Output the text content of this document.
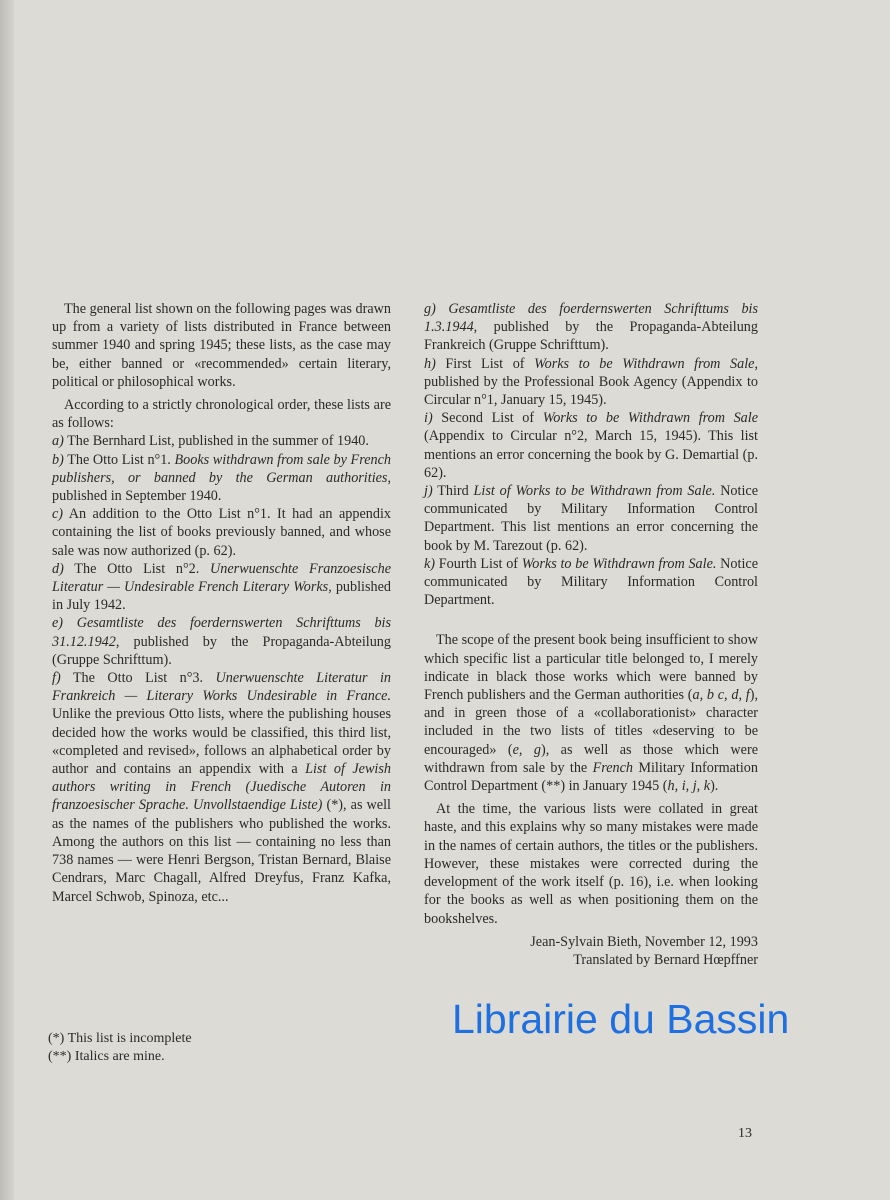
The general list shown on the following pages was drawn up from a variety of lists distributed in France between summer 1940 and spring 1945; these lists, as the case may be, either banned or «recommended» certain literary, political or philosophical works.

According to a strictly chronological order, these lists are as follows:

a) The Bernhard List, published in the summer of 1940.

b) The Otto List n°1. Books withdrawn from sale by French publishers, or banned by the German authorities, published in September 1940.

c) An addition to the Otto List n°1. It had an appendix containing the list of books previously banned, and whose sale was now authorized (p. 62).

d) The Otto List n°2. Unerwuenschte Franzoesische Literatur — Undesirable French Literary Works, published in July 1942.

e) Gesamtliste des foerdernswerten Schrifttums bis 31.12.1942, published by the Propaganda-Abteilung (Gruppe Schrifttum).

f) The Otto List n°3. Unerwuenschte Literatur in Frankreich — Literary Works Undesirable in France. Unlike the previous Otto lists, where the publishing houses decided how the works would be classified, this third list, «completed and revised», follows an alphabetical order by author and contains an appendix with a List of Jewish authors writing in French (Juedische Autoren in franzoesischer Sprache. Unvollstaendige Liste) (*), as well as the names of the publishers who published the works. Among the authors on this list — containing no less than 738 names — were Henri Bergson, Tristan Bernard, Blaise Cendrars, Marc Chagall, Alfred Dreyfus, Franz Kafka, Marcel Schwob, Spinoza, etc...

g) Gesamtliste des foerdernswerten Schrifttums bis 1.3.1944, published by the Propaganda-Abteilung Frankreich (Gruppe Schrifttum).

h) First List of Works to be Withdrawn from Sale, published by the Professional Book Agency (Appendix to Circular n°1, January 15, 1945).

i) Second List of Works to be Withdrawn from Sale (Appendix to Circular n°2, March 15, 1945). This list mentions an error concerning the book by G. Demartial (p. 62).

j) Third List of Works to be Withdrawn from Sale. Notice communicated by Military Information Control Department. This list mentions an error concerning the book by M. Tarezout (p. 62).

k) Fourth List of Works to be Withdrawn from Sale. Notice communicated by Military Information Control Department.

The scope of the present book being insufficient to show which specific list a particular title belonged to, I merely indicate in black those works which were banned by French publishers and the German authorities (a, b c, d, f), and in green those of a «collaborationist» character included in the two lists of titles «deserving to be encouraged» (e, g), as well as those which were withdrawn from sale by the French Military Information Control Department (**) in January 1945 (h, i, j, k).

At the time, the various lists were collated in great haste, and this explains why so many mistakes were made in the names of certain authors, the titles or the publishers. However, these mistakes were corrected during the development of the work itself (p. 16), i.e. when looking for the books as well as when positioning them on the bookshelves.

Jean-Sylvain Bieth, November 12, 1993

Translated by Bernard Hœpffner

Librairie du Bassin

(*) This list is incomplete

(**) Italics are mine.

13
